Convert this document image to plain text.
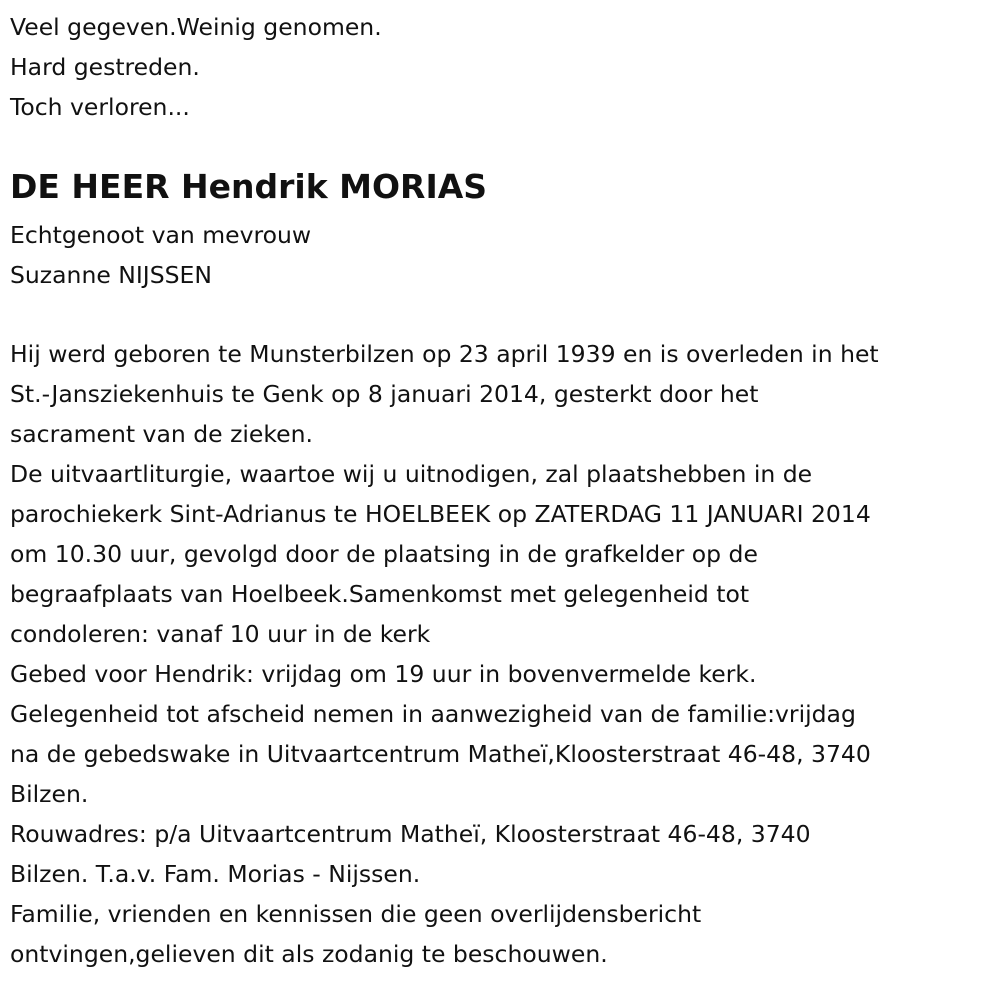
Veel gegeven.Weinig genomen.
Hard gestreden.
Toch verloren...
DE HEER Hendrik MORIAS
Echtgenoot van mevrouw
Suzanne NIJSSEN
Hij werd geboren te Munsterbilzen op 23 april 1939 en is overleden in het
St.-Jansziekenhuis te Genk op 8 januari 2014, gesterkt door het
sacrament van de zieken.
De uitvaartliturgie, waartoe wij u uitnodigen, zal plaatshebben in de
parochiekerk Sint-Adrianus te HOELBEEK op ZATERDAG 11 JANUARI 2014
om 10.30 uur, gevolgd door de plaatsing in de grafkelder op de
begraafplaats van Hoelbeek.Samenkomst met gelegenheid tot
condoleren: vanaf 10 uur in de kerk
Gebed voor Hendrik: vrijdag om 19 uur in bovenvermelde kerk.
Gelegenheid tot afscheid nemen in aanwezigheid van de familie:vrijdag
na de gebedswake in Uitvaartcentrum Matheï,Kloosterstraat 46-48, 3740
Bilzen.
Rouwadres: p/a Uitvaartcentrum Matheï, Kloosterstraat 46-48, 3740
Bilzen. T.a.v. Fam. Morias - Nijssen.
Familie, vrienden en kennissen die geen overlijdensbericht
ontvingen,gelieven dit als zodanig te beschouwen.
